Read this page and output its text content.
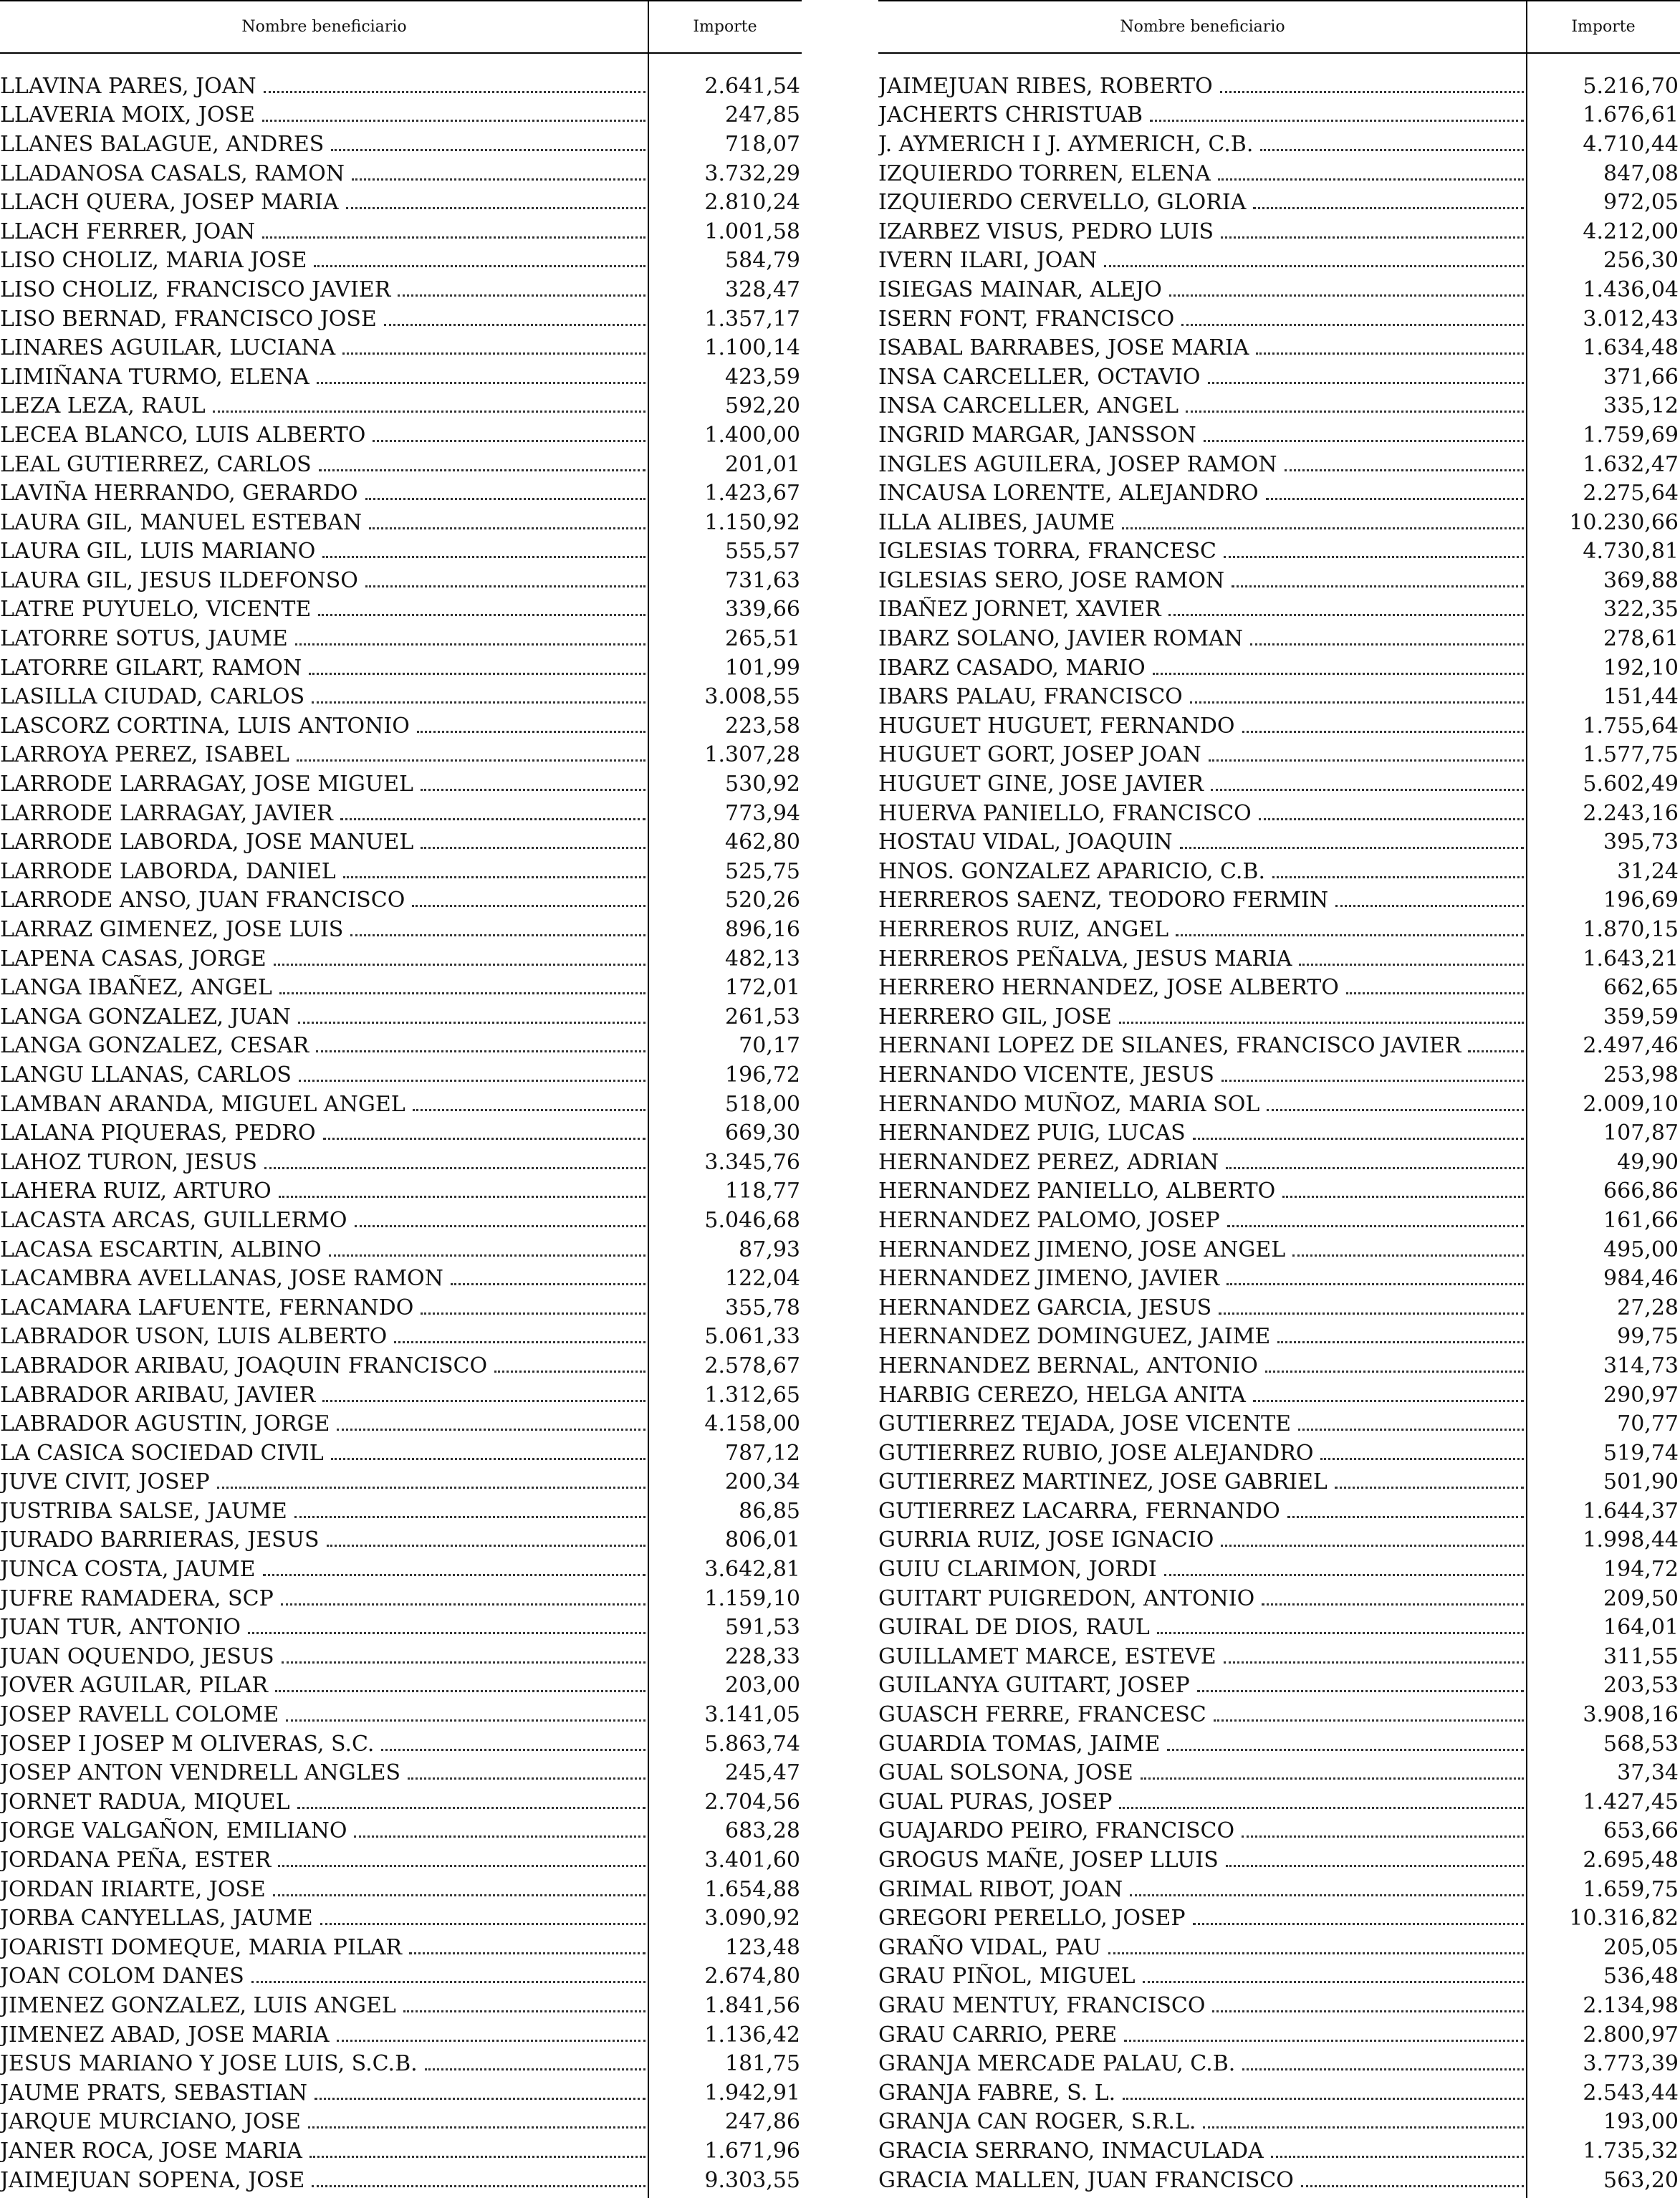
Nombre beneficiario	Importe
LLAVINA PARES, JOAN	2.641,54
LLAVERIA MOIX, JOSE	247,85
LLANES BALAGUE, ANDRES	718,07
LLADANOSA CASALS, RAMON	3.732,29
LLACH QUERA, JOSEP MARIA	2.810,24
LLACH FERRER, JOAN	1.001,58
LISO CHOLIZ, MARIA JOSE	584,79
LISO CHOLIZ, FRANCISCO JAVIER	328,47
LISO BERNAD, FRANCISCO JOSE	1.357,17
LINARES AGUILAR, LUCIANA	1.100,14
LIMIÑANA TURMO, ELENA	423,59
LEZA LEZA, RAUL	592,20
LECEA BLANCO, LUIS ALBERTO	1.400,00
LEAL GUTIERREZ, CARLOS	201,01
LAVIÑA HERRANDO, GERARDO	1.423,67
LAURA GIL, MANUEL ESTEBAN	1.150,92
LAURA GIL, LUIS MARIANO	555,57
LAURA GIL, JESUS ILDEFONSO	731,63
LATRE PUYUELO, VICENTE	339,66
LATORRE SOTUS, JAUME	265,51
LATORRE GILART, RAMON	101,99
LASILLA CIUDAD, CARLOS	3.008,55
LASCORZ CORTINA, LUIS ANTONIO	223,58
LARROYA PEREZ, ISABEL	1.307,28
LARRODE LARRAGAY, JOSE MIGUEL	530,92
LARRODE LARRAGAY, JAVIER	773,94
LARRODE LABORDA, JOSE MANUEL	462,80
LARRODE LABORDA, DANIEL	525,75
LARRODE ANSO, JUAN FRANCISCO	520,26
LARRAZ GIMENEZ, JOSE LUIS	896,16
LAPENA CASAS, JORGE	482,13
LANGA IBAÑEZ, ANGEL	172,01
LANGA GONZALEZ, JUAN	261,53
LANGA GONZALEZ, CESAR	70,17
LANGU LLANAS, CARLOS	196,72
LAMBAN ARANDA, MIGUEL ANGEL	518,00
LALANA PIQUERAS, PEDRO	669,30
LAHOZ TURON, JESUS	3.345,76
LAHERA RUIZ, ARTURO	118,77
LACASTA ARCAS, GUILLERMO	5.046,68
LACASA ESCARTIN, ALBINO	87,93
LACAMBRA AVELLANAS, JOSE RAMON	122,04
LACAMARA LAFUENTE, FERNANDO	355,78
LABRADOR USON, LUIS ALBERTO	5.061,33
LABRADOR ARIBAU, JOAQUIN FRANCISCO	2.578,67
LABRADOR ARIBAU, JAVIER	1.312,65
LABRADOR AGUSTIN, JORGE	4.158,00
LA CASICA SOCIEDAD CIVIL	787,12
JUVE CIVIT, JOSEP	200,34
JUSTRIBA SALSE, JAUME	86,85
JURADO BARRIERAS, JESUS	806,01
JUNCA COSTA, JAUME	3.642,81
JUFRE RAMADERA, SCP	1.159,10
JUAN TUR, ANTONIO	591,53
JUAN OQUENDO, JESUS	228,33
JOVER AGUILAR, PILAR	203,00
JOSEP RAVELL COLOME	3.141,05
JOSEP I JOSEP M OLIVERAS, S.C.	5.863,74
JOSEP ANTON VENDRELL ANGLES	245,47
JORNET RADUA, MIQUEL	2.704,56
JORGE VALGAÑON, EMILIANO	683,28
JORDANA PEÑA, ESTER	3.401,60
JORDAN IRIARTE, JOSE	1.654,88
JORBA CANYELLAS, JAUME	3.090,92
JOARISTI DOMEQUE, MARIA PILAR	123,48
JOAN COLOM DANES	2.674,80
JIMENEZ GONZALEZ, LUIS ANGEL	1.841,56
JIMENEZ ABAD, JOSE MARIA	1.136,42
JESUS MARIANO Y JOSE LUIS, S.C.B.	181,75
JAUME PRATS, SEBASTIAN	1.942,91
JARQUE MURCIANO, JOSE	247,86
JANER ROCA, JOSE MARIA	1.671,96
JAIMEJUAN SOPENA, JOSE	9.303,55
Nombre beneficiario	Importe
JAIMEJUAN RIBES, ROBERTO	5.216,70
JACHERTS CHRISTUAB	1.676,61
J. AYMERICH I J. AYMERICH, C.B.	4.710,44
IZQUIERDO TORREN, ELENA	847,08
IZQUIERDO CERVELLO, GLORIA	972,05
IZARBEZ VISUS, PEDRO LUIS	4.212,00
IVERN ILARI, JOAN	256,30
ISIEGAS MAINAR, ALEJO	1.436,04
ISERN FONT, FRANCISCO	3.012,43
ISABAL BARRABES, JOSE MARIA	1.634,48
INSA CARCELLER, OCTAVIO	371,66
INSA CARCELLER, ANGEL	335,12
INGRID MARGAR, JANSSON	1.759,69
INGLES AGUILERA, JOSEP RAMON	1.632,47
INCAUSA LORENTE, ALEJANDRO	2.275,64
ILLA ALIBES, JAUME	10.230,66
IGLESIAS TORRA, FRANCESC	4.730,81
IGLESIAS SERO, JOSE RAMON	369,88
IBAÑEZ JORNET, XAVIER	322,35
IBARZ SOLANO, JAVIER ROMAN	278,61
IBARZ CASADO, MARIO	192,10
IBARS PALAU, FRANCISCO	151,44
HUGUET HUGUET, FERNANDO	1.755,64
HUGUET GORT, JOSEP JOAN	1.577,75
HUGUET GINE, JOSE JAVIER	5.602,49
HUERVA PANIELLO, FRANCISCO	2.243,16
HOSTAU VIDAL, JOAQUIN	395,73
HNOS. GONZALEZ APARICIO, C.B.	31,24
HERREROS SAENZ, TEODORO FERMIN	196,69
HERREROS RUIZ, ANGEL	1.870,15
HERREROS PEÑALVA, JESUS MARIA	1.643,21
HERRERO HERNANDEZ, JOSE ALBERTO	662,65
HERRERO GIL, JOSE	359,59
HERNANI LOPEZ DE SILANES, FRANCISCO JAVIER	2.497,46
HERNANDO VICENTE, JESUS	253,98
HERNANDO MUÑOZ, MARIA SOL	2.009,10
HERNANDEZ PUIG, LUCAS	107,87
HERNANDEZ PEREZ, ADRIAN	49,90
HERNANDEZ PANIELLO, ALBERTO	666,86
HERNANDEZ PALOMO, JOSEP	161,66
HERNANDEZ JIMENO, JOSE ANGEL	495,00
HERNANDEZ JIMENO, JAVIER	984,46
HERNANDEZ GARCIA, JESUS	27,28
HERNANDEZ DOMINGUEZ, JAIME	99,75
HERNANDEZ BERNAL, ANTONIO	314,73
HARBIG CEREZO, HELGA ANITA	290,97
GUTIERREZ TEJADA, JOSE VICENTE	70,77
GUTIERREZ RUBIO, JOSE ALEJANDRO	519,74
GUTIERREZ MARTINEZ, JOSE GABRIEL	501,90
GUTIERREZ LACARRA, FERNANDO	1.644,37
GURRIA RUIZ, JOSE IGNACIO	1.998,44
GUIU CLARIMON, JORDI	194,72
GUITART PUIGREDON, ANTONIO	209,50
GUIRAL DE DIOS, RAUL	164,01
GUILLAMET MARCE, ESTEVE	311,55
GUILANYA GUITART, JOSEP	203,53
GUASCH FERRE, FRANCESC	3.908,16
GUARDIA TOMAS, JAIME	568,53
GUAL SOLSONA, JOSE	37,34
GUAL PURAS, JOSEP	1.427,45
GUAJARDO PEIRO, FRANCISCO	653,66
GROGUS MAÑE, JOSEP LLUIS	2.695,48
GRIMAL RIBOT, JOAN	1.659,75
GREGORI PERELLO, JOSEP	10.316,82
GRAÑO VIDAL, PAU	205,05
GRAU PIÑOL, MIGUEL	536,48
GRAU MENTUY, FRANCISCO	2.134,98
GRAU CARRIO, PERE	2.800,97
GRANJA MERCADE PALAU, C.B.	3.773,39
GRANJA FABRE, S. L.	2.543,44
GRANJA CAN ROGER, S.R.L.	193,00
GRACIA SERRANO, INMACULADA	1.735,32
GRACIA MALLEN, JUAN FRANCISCO	563,20
